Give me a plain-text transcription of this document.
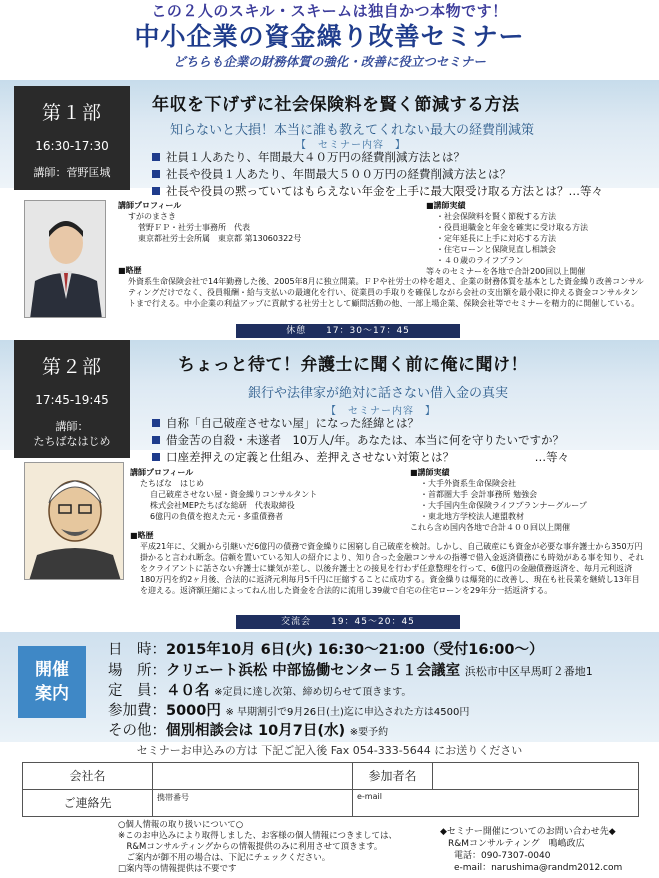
この２人のスキル・スキームは独自かつ本物です！
中小企業の資金繰り改善セミナー
どちらも企業の財務体質の強化・改善に役立つセミナー
第１部
16:30-17:30
講師：菅野匡城
年収を下げずに社会保険料を賢く節減する方法
知らないと大損！本当に誰も教えてくれない最大の経費削減策
【　セミナー内容　】
社員１人あたり、年間最大４０万円の経費削減方法とは？
社長や役員１人あたり、年間最大５００万円の経費削減方法とは？
社長や役員の黙っていてはもらえない年金を上手に最大限受け取る方法とは？…等々
講師プロフィール
すがのまさき
菅野ＦＰ・社労士事務所　代表
東京都社労士会所属　東京都 第13060322号
■講師実績
・社会保険料を賢く節税する方法
・役員退職金と年金を確実に受け取る方法
・定年延長に上手に対応する方法
・住宅ローンと保険見直し相談会
・４０歳のライフプラン
等々のセミナーを各地で合計200回以上開催
■略歴
外資系生命保険会社で14年勤務した後、2005年8月に独立開業。ＦＰや社労士の枠を超え、企業の財務体質を基本とした資金繰り改善コンサルティングだけでなく、役員報酬・給与支払いの最適化を行い、従業員の手取りを確保しながら会社の支出額を最小限に抑える資金コンサルタントまで行える。中小企業の利益アップに貢献する社労士として顧問活動の他、一部上場企業、保険会社等でセミナーを精力的に開催している。
休憩　　17：30～17：45
第２部
17:45-19:45
講師：
たちばなはじめ
ちょっと待て！弁護士に聞く前に俺に聞け！
銀行や法律家が絶対に話さない借入金の真実
【　セミナー内容　】
自称「自己破産させない屋」になった経緯とは？
借金苦の自殺・未遂者　10万人/年。あなたは、本当に何を守りたいですか？
口座差押えの定義と仕組み、差押えさせない対策とは？　　　　　　　…等々
講師プロフィール
たちばな　はじめ
自己破産させない屋・資金繰りコンサルタント
株式会社MEPたちばな総研　代表取締役
6億円の負債を抱えた元・多重債務者
■講師実績
・大手外資系生命保険会社
・首都圏大手 会計事務所 勉強会
・大手国内生命保険ライフプランナーグループ
・東北地方学校法人連盟教材
これら含め国内各地で合計４００回以上開催
■略歴
平成21年に、父親から引継いだ6億円の債務で資金繰りに困窮し自己破産を検討。しかし、自己破産にも資金が必要な事弁護士から350万円掛かると言われ断念。信頼を置いている知人の紹介により、知り合った金融コンサルの指導で借入金返済債務にも時効がある事を知り、それをクライアントに話さない弁護士に嫌気が差し、以後弁護士との接見を行わず任意整理を行って、6億円の金融債務返済を、毎月元利返済180万円を約2ヶ月後、合法的に返済元利毎月5千円に圧縮することに成功する。資金繰りは爆発的に改善し、現在も社長業を継続し13年目を迎える。返済額圧縮によってねん出した資金を合法的に流用し39歳で自宅の住宅ローンを29年分一括返済する。
交流会　　19：45～20：45
開催
案内
日　時：2015年10月 6日(火) 16:30～21:00（受付16:00～）
場　所：クリエート浜松 中部協働センター５１会議室 浜松市中区早馬町２番地1
定　員：４０名 ※定員に達し次第、締め切らせて頂きます。
参加費：5000円 ※ 早期割引で9月26日(土)迄に申込された方は4500円
その他：個別相談会は 10月7日(水) ※要予約
セミナーお申込みの方は 下記ご記入後 Fax 054-333-5644 にお送りください
会社名		参加者名	
ご連絡先	携帯番号	e-mail	
○個人情報の取り扱いについて○
※このお申込みにより取得しました、お客様の個人情報につきましては、
　R&Mコンサルティングからの情報提供のみに利用させて頂きます。
　ご案内が御不用の場合は、下記にチェックください。
□案内等の情報提供は不要です
◆セミナー開催についてのお問い合わせ先◆
R&Mコンサルティング　鳴嶋政広
電話：090-7307-0040
e-mail：narushima@randm2012.com
